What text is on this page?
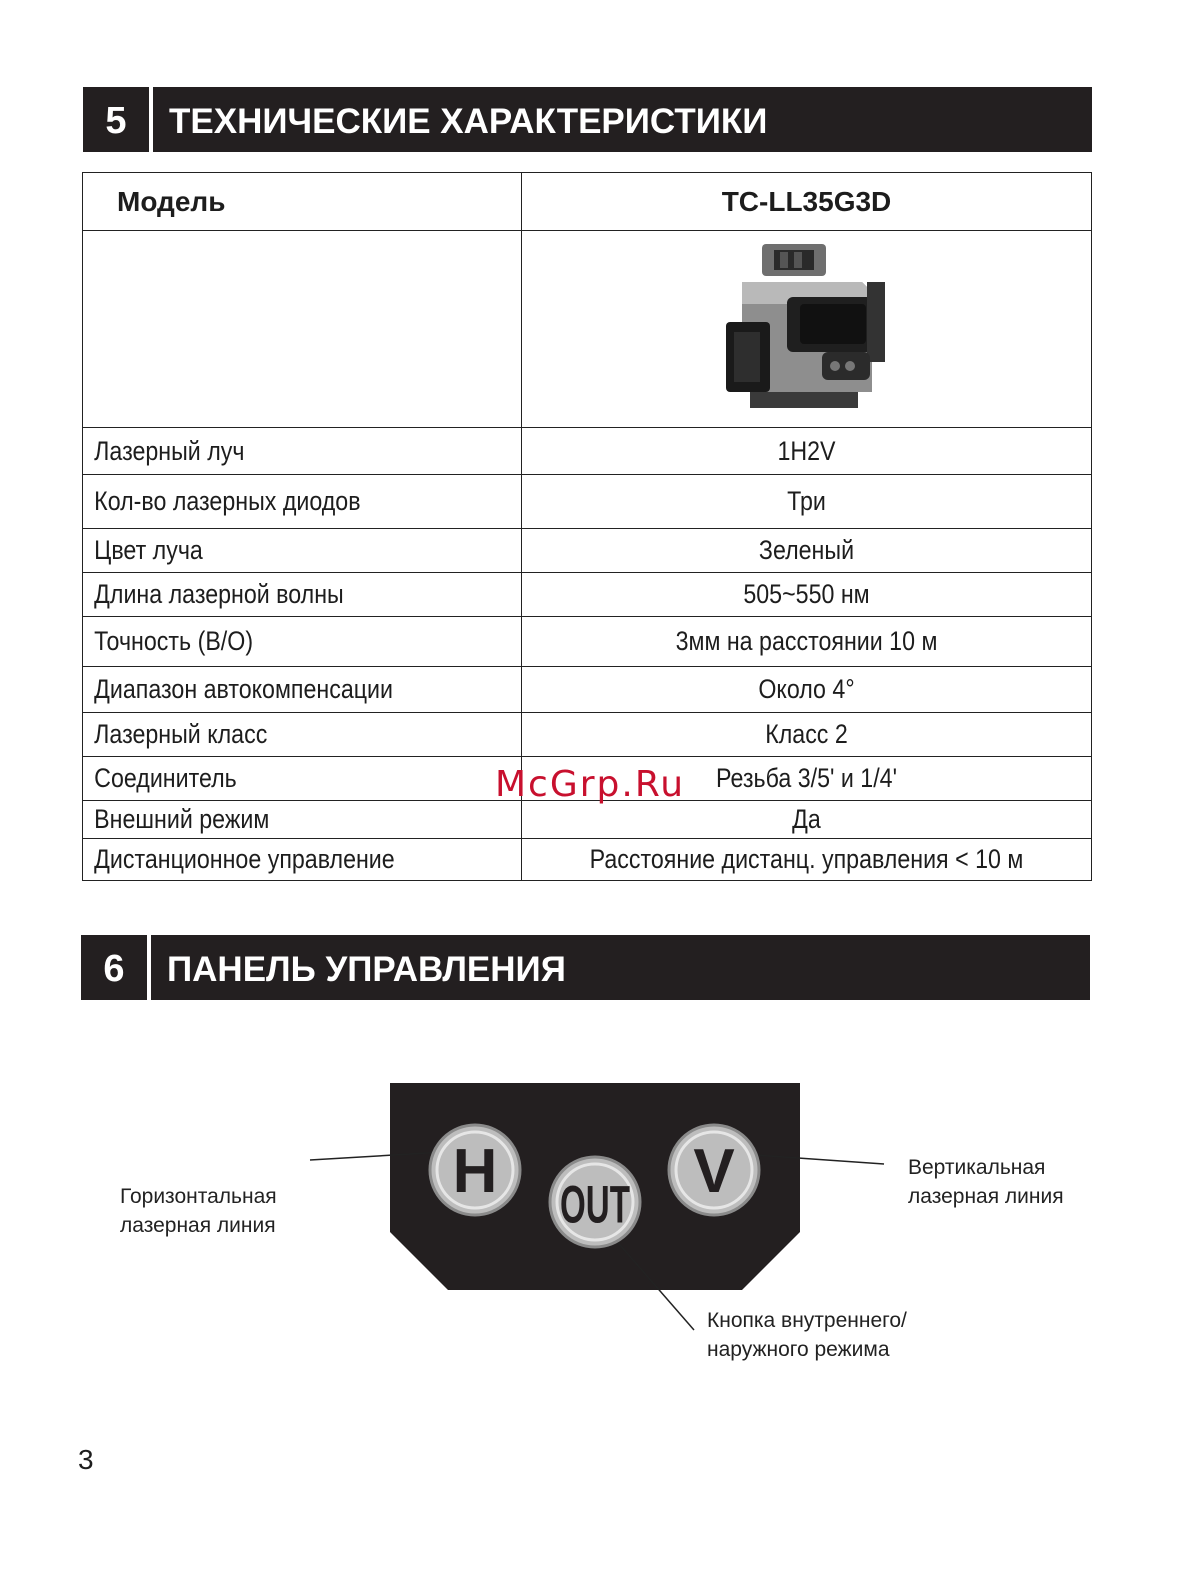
5	ТЕХНИЧЕСКИЕ ХАРАКТЕРИСТИКИ
Модель	TC-LL35G3D

Лазерный луч	1H2V

Кол-во лазерных диодов	Три

Цвет луча	Зеленый

Длина лазерной волны	505~550 нм

Точность (В/О)	3мм на расстоянии 10 м

Диапазон автокомпенсации	Около 4°

Лазерный класс	Класс 2

Соединитель	Резьба 3/5' и 1/4'

Внешний режим	Да

Дистанционное управление	Расстояние дистанц. управления < 10 м
McGrp.Ru
6	ПАНЕЛЬ УПРАВЛЕНИЯ
H OUT V
Горизонтальная
лазерная линия
Вертикальная
лазерная линия
Кнопка внутреннего/
наружного режима
3
